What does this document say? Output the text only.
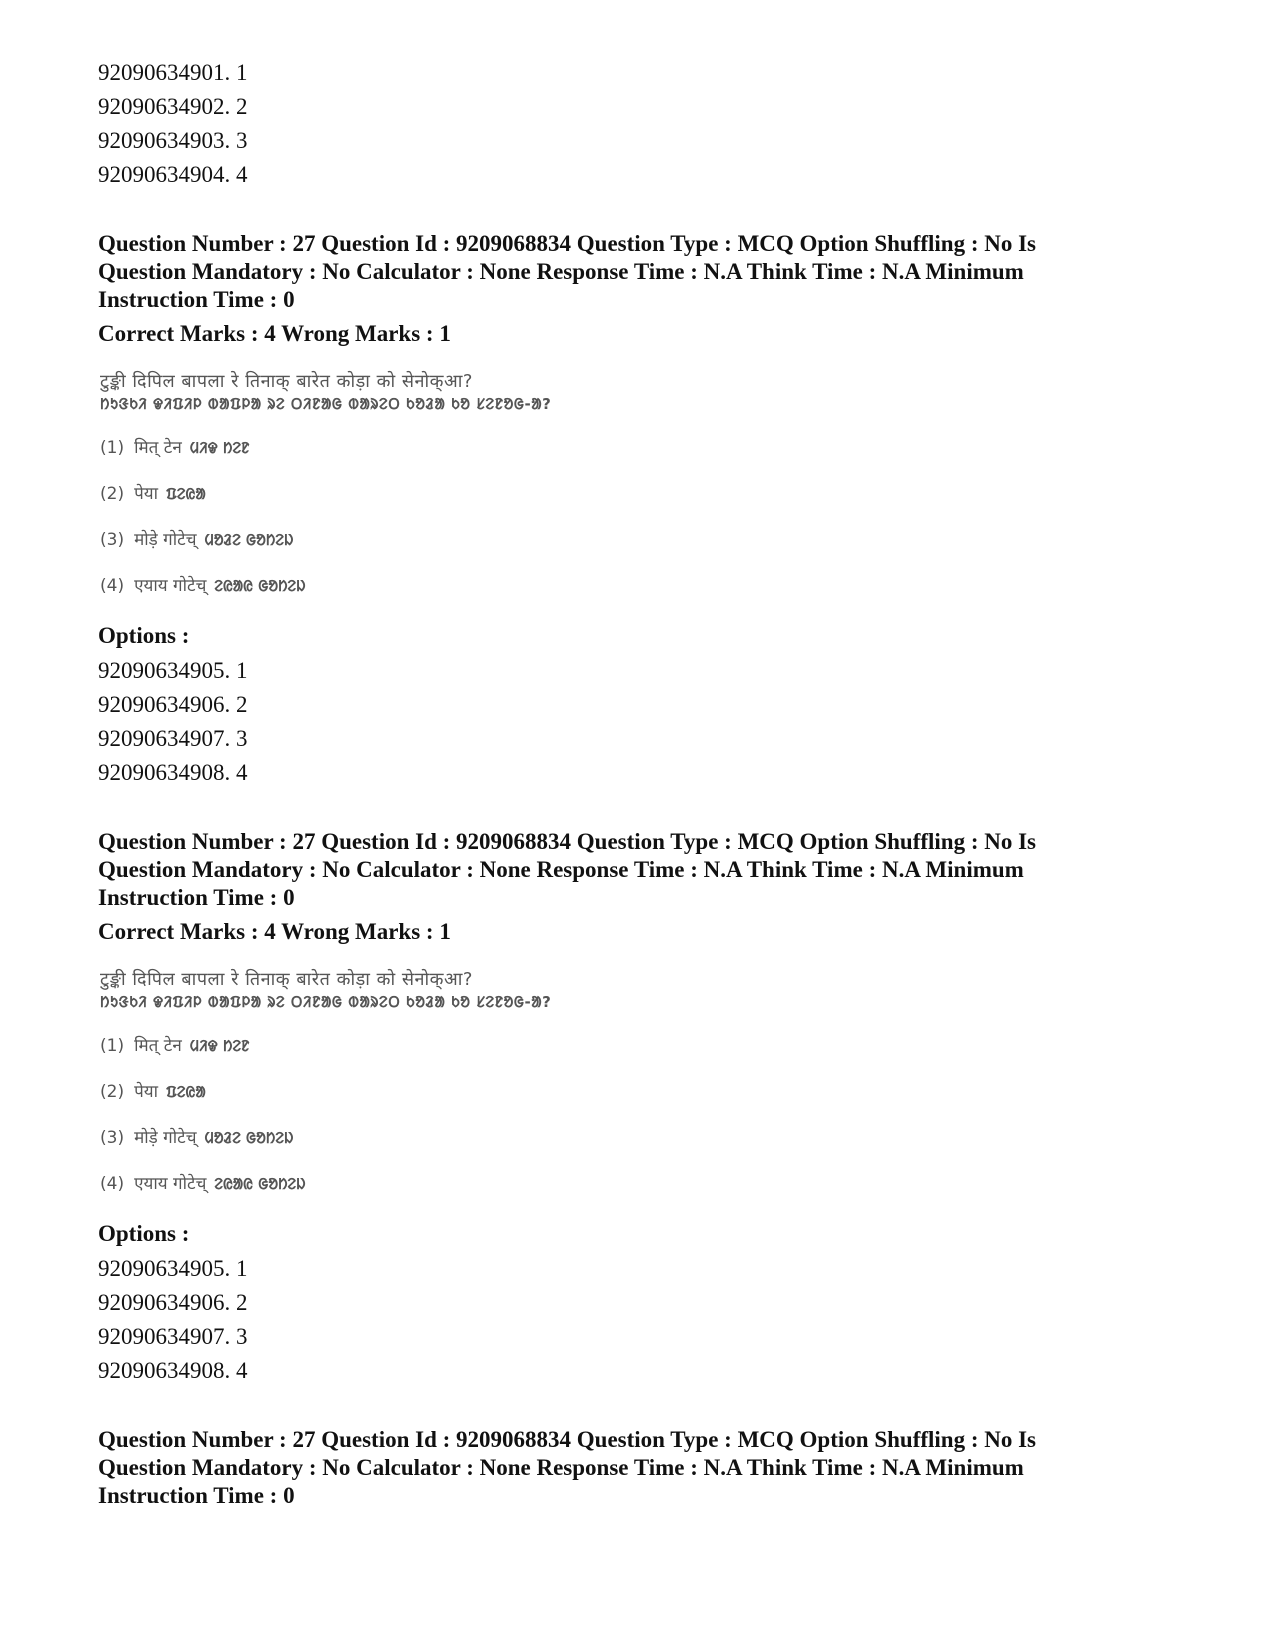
92090634901. 1

92090634902. 2

92090634903. 3

92090634904. 4

Question Number : 27 Question Id : 9209068834 Question Type : MCQ Option Shuffling : No Is

Question Mandatory : No Calculator : None Response Time : N.A Think Time : N.A Minimum

Instruction Time : 0

Correct Marks : 4 Wrong Marks : 1

टुङ्की दिपिल बापला रे तिनाक् बारेत कोड़ा को सेनोक्आ?
ᱴᱩᱝᱠᱤ ᱫᱤᱯᱤᱞ ᱵᱟᱯᱞᱟ ᱨᱮ ᱛᱤᱱᱟᱜ ᱵᱟᱨᱮᱛ ᱠᱚᱲᱟ ᱠᱚ ᱥᱮᱱᱚᱜ-ᱟ?
(1) मित् टेन ᱢᱤᱫ ᱴᱮᱱ
(2) पेया ᱯᱮᱭᱟ
(3) मोड़े गोटेच् ᱢᱚᱲᱮ ᱜᱚᱴᱮᱡ
(4) एयाय गोटेच् ᱮᱭᱟᱭ ᱜᱚᱴᱮᱡ

Options :

92090634905. 1

92090634906. 2

92090634907. 3

92090634908. 4

Question Number : 27 Question Id : 9209068834 Question Type : MCQ Option Shuffling : No Is

Question Mandatory : No Calculator : None Response Time : N.A Think Time : N.A Minimum

Instruction Time : 0

Correct Marks : 4 Wrong Marks : 1

टुङ्की दिपिल बापला रे तिनाक् बारेत कोड़ा को सेनोक्आ?
ᱴᱩᱝᱠᱤ ᱫᱤᱯᱤᱞ ᱵᱟᱯᱞᱟ ᱨᱮ ᱛᱤᱱᱟᱜ ᱵᱟᱨᱮᱛ ᱠᱚᱲᱟ ᱠᱚ ᱥᱮᱱᱚᱜ-ᱟ?
(1) मित् टेन ᱢᱤᱫ ᱴᱮᱱ
(2) पेया ᱯᱮᱭᱟ
(3) मोड़े गोटेच् ᱢᱚᱲᱮ ᱜᱚᱴᱮᱡ
(4) एयाय गोटेच् ᱮᱭᱟᱭ ᱜᱚᱴᱮᱡ

Options :

92090634905. 1

92090634906. 2

92090634907. 3

92090634908. 4

Question Number : 27 Question Id : 9209068834 Question Type : MCQ Option Shuffling : No Is

Question Mandatory : No Calculator : None Response Time : N.A Think Time : N.A Minimum

Instruction Time : 0
